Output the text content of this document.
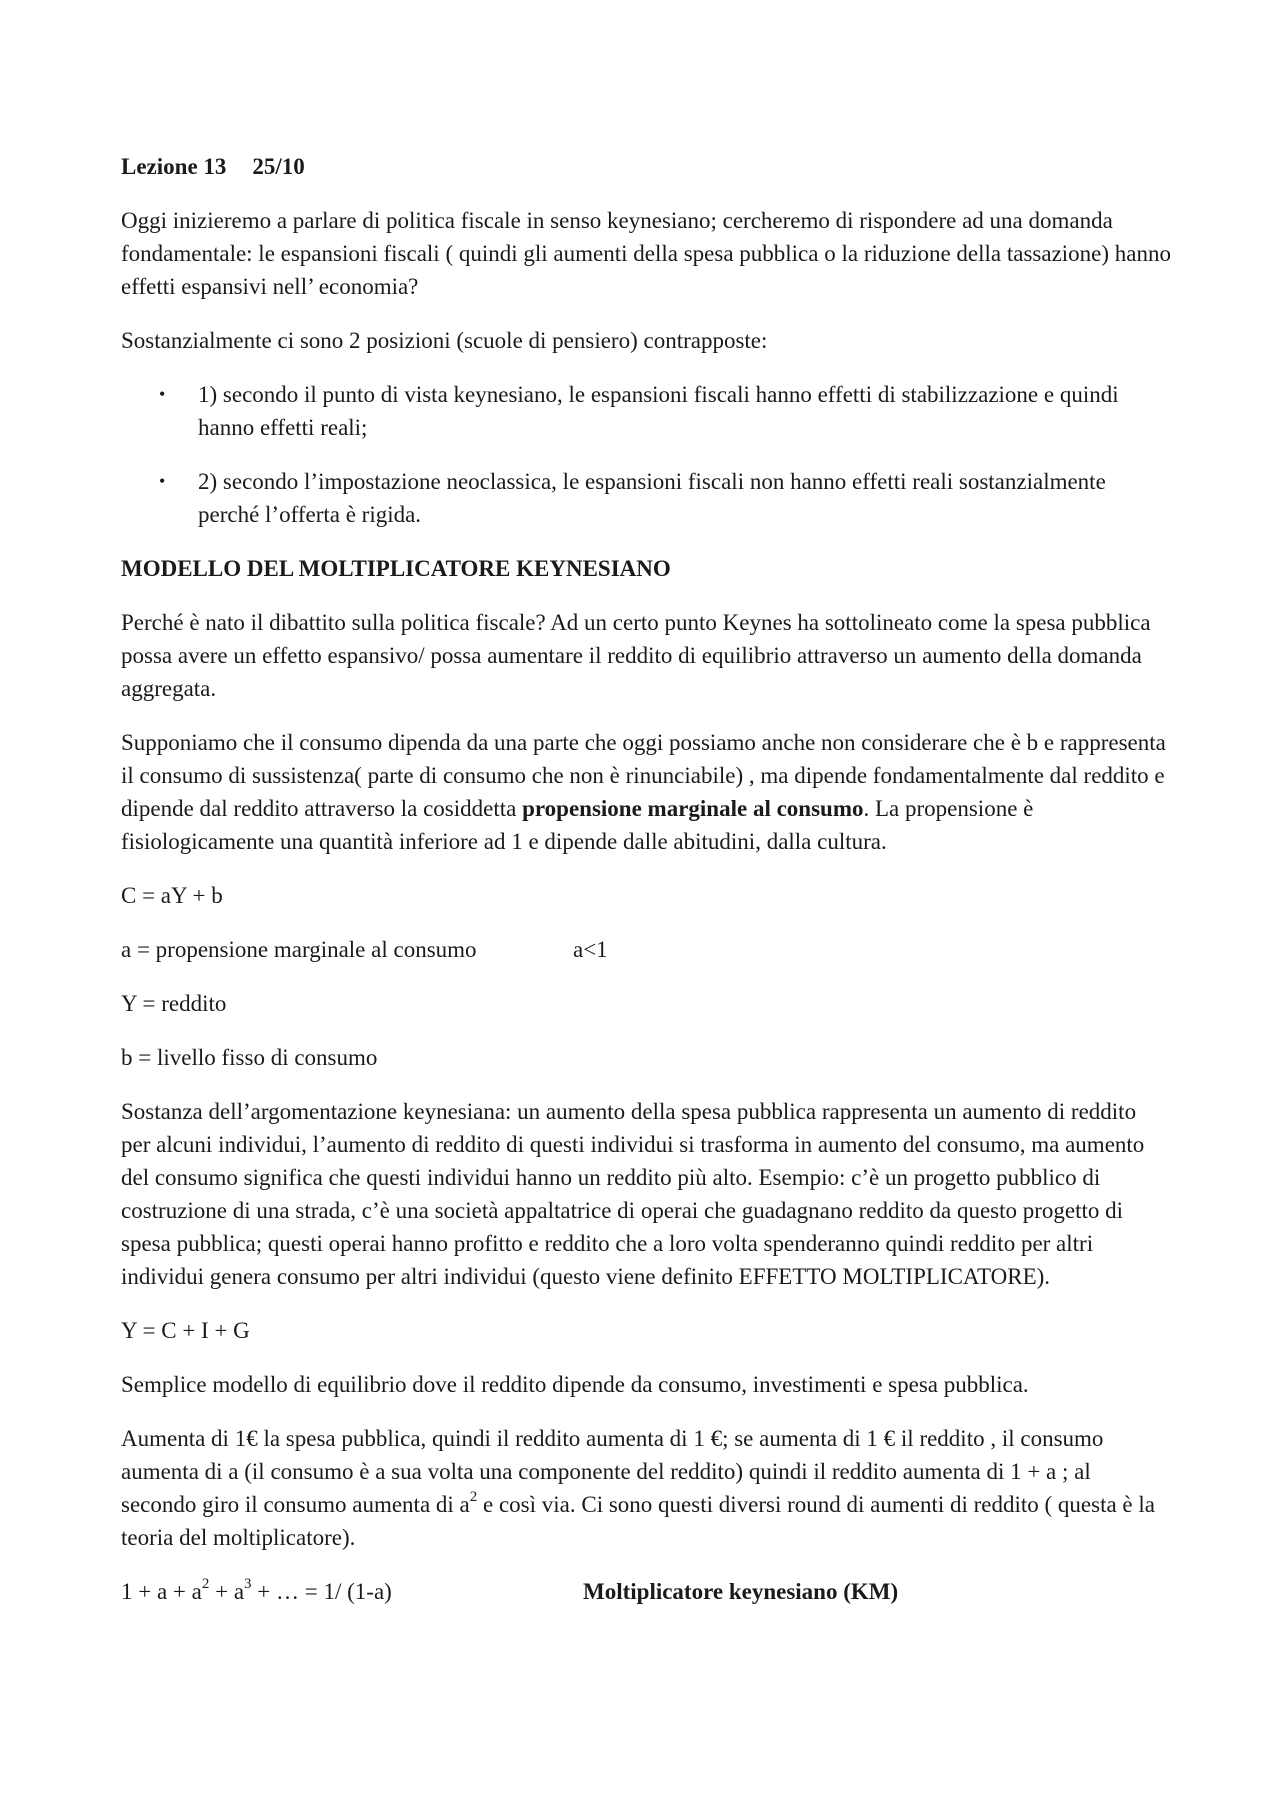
Lezione 13 25/10

Oggi inizieremo a parlare di politica fiscale in senso keynesiano; cercheremo di rispondere ad una domanda fondamentale: le espansioni fiscali ( quindi gli aumenti della spesa pubblica o la riduzione della tassazione) hanno effetti espansivi nell’ economia?

Sostanzialmente ci sono 2 posizioni (scuole di pensiero) contrapposte:

• 1) secondo il punto di vista keynesiano, le espansioni fiscali hanno effetti di stabilizzazione e quindi hanno effetti reali;
• 2) secondo l’impostazione neoclassica, le espansioni fiscali non hanno effetti reali sostanzialmente perché l’offerta è rigida.

MODELLO DEL MOLTIPLICATORE KEYNESIANO

Perché è nato il dibattito sulla politica fiscale? Ad un certo punto Keynes ha sottolineato come la spesa pubblica possa avere un effetto espansivo/ possa aumentare il reddito di equilibrio attraverso un aumento della domanda aggregata.

Supponiamo che il consumo dipenda da una parte che oggi possiamo anche non considerare che è b e rappresenta il consumo di sussistenza( parte di consumo che non è rinunciabile) , ma dipende fondamentalmente dal reddito e dipende dal reddito attraverso la cosiddetta propensione marginale al consumo. La propensione è fisiologicamente una quantità inferiore ad 1 e dipende dalle abitudini, dalla cultura.

C = aY + b

a = propensione marginale al consumo	a<1

Y = reddito

b = livello fisso di consumo

Sostanza dell’argomentazione keynesiana: un aumento della spesa pubblica rappresenta un aumento di reddito per alcuni individui, l’aumento di reddito di questi individui si trasforma in aumento del consumo, ma aumento del consumo significa che questi individui hanno un reddito più alto. Esempio: c’è un progetto pubblico di costruzione di una strada, c’è una società appaltatrice di operai che guadagnano reddito da questo progetto di spesa pubblica; questi operai hanno profitto e reddito che a loro volta spenderanno quindi reddito per altri individui genera consumo per altri individui (questo viene definito EFFETTO MOLTIPLICATORE).

Y = C + I + G

Semplice modello di equilibrio dove il reddito dipende da consumo, investimenti e spesa pubblica.

Aumenta di 1€ la spesa pubblica, quindi il reddito aumenta di 1 €; se aumenta di 1 € il reddito , il consumo aumenta di a (il consumo è a sua volta una componente del reddito) quindi il reddito aumenta di 1 + a ; al secondo giro il consumo aumenta di $a^2$ e così via. Ci sono questi diversi round di aumenti di reddito ( questa è la teoria del moltiplicatore).

$1 + a + a^2 + a^3$ + … = 1/ (1-a)	Moltiplicatore keynesiano (KM)
